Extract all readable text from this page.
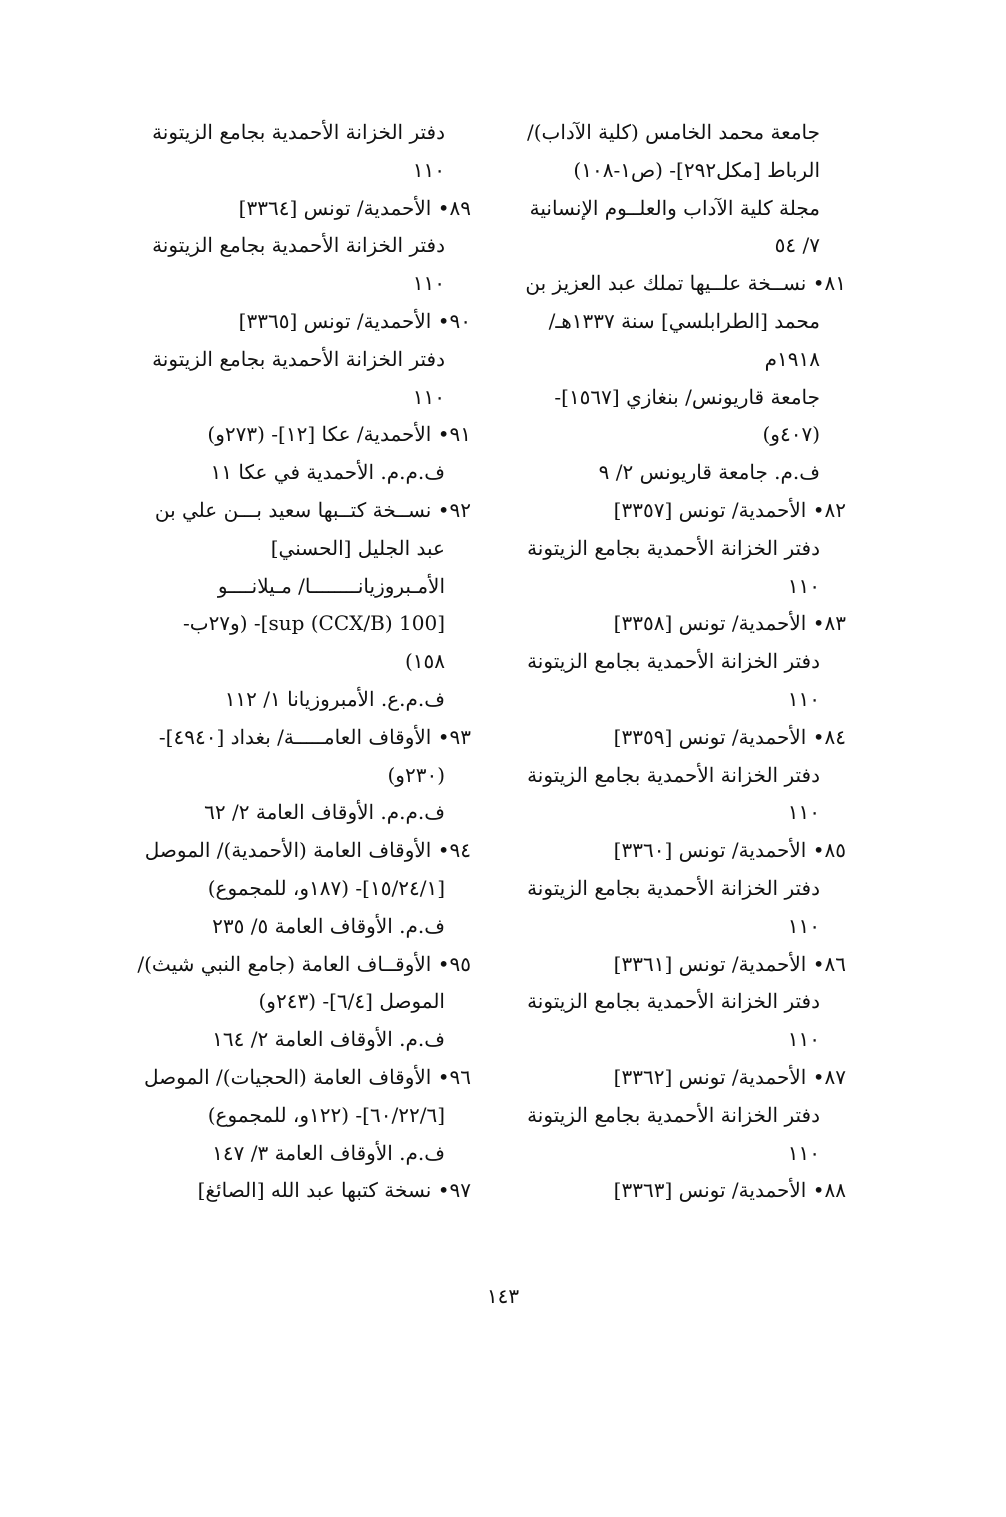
جامعة محمد الخامس (كلية الآداب)/
الرباط [مكل٢٩٢]- (ص١-١٠٨)
مجلة كلية الآداب والعلــوم الإنسانية
٧/ ٥٤
٨١• نســخة علــيها تملك عبد العزيز بن
محمد [الطرابلسي] سنة ١٣٣٧هـ/
١٩١٨م
جامعة قاريونس/ بنغازي [١٥٦٧]-
(٤٠٧و)
ف.م. جامعة قاريونس ٢/ ٩
٨٢• الأحمدية/ تونس [٣٣٥٧]
دفتر الخزانة الأحمدية بجامع الزيتونة
١١٠
٨٣• الأحمدية/ تونس [٣٣٥٨]
دفتر الخزانة الأحمدية بجامع الزيتونة
١١٠
٨٤• الأحمدية/ تونس [٣٣٥٩]
دفتر الخزانة الأحمدية بجامع الزيتونة
١١٠
٨٥• الأحمدية/ تونس [٣٣٦٠]
دفتر الخزانة الأحمدية بجامع الزيتونة
١١٠
٨٦• الأحمدية/ تونس [٣٣٦١]
دفتر الخزانة الأحمدية بجامع الزيتونة
١١٠
٨٧• الأحمدية/ تونس [٣٣٦٢]
دفتر الخزانة الأحمدية بجامع الزيتونة
١١٠
٨٨• الأحمدية/ تونس [٣٣٦٣]
دفتر الخزانة الأحمدية بجامع الزيتونة
١١٠
٨٩• الأحمدية/ تونس [٣٣٦٤]
دفتر الخزانة الأحمدية بجامع الزيتونة
١١٠
٩٠• الأحمدية/ تونس [٣٣٦٥]
دفتر الخزانة الأحمدية بجامع الزيتونة
١١٠
٩١• الأحمدية/ عكا [١٢]- (٢٧٣و)
ف.م.م. الأحمدية في عكا ١١
٩٢• نســخة كتــبها سعيد بـــن علي بن
عبد الجليل [الحسني]
الأمـبروزيانــــــــا/ مـيلانــــو
[100 sup (CCX/B)]- (و٢٧ب-
١٥٨)
ف.م.ع. الأمبروزيانا ١/ ١١٢
٩٣• الأوقاف العامـــــة/ بغداد [٤٩٤٠]-
(٢٣٠و)
ف.م.م. الأوقاف العامة ٢/ ٦٢
٩٤• الأوقاف العامة (الأحمدية)/ الموصل
[١٥/٢٤/١]- (١٨٧و، للمجموع)
ف.م. الأوقاف العامة ٥/ ٢٣٥
٩٥• الأوقــاف العامة (جامع النبي شيث)/
الموصل [٦/٤]- (٢٤٣و)
ف.م. الأوقاف العامة ٢/ ١٦٤
٩٦• الأوقاف العامة (الحجيات)/ الموصل
[٦٠/٢٢/٦]- (١٢٢و، للمجموع)
ف.م. الأوقاف العامة ٣/ ١٤٧
٩٧• نسخة كتبها عبد الله [الصائغ]
١٤٣
